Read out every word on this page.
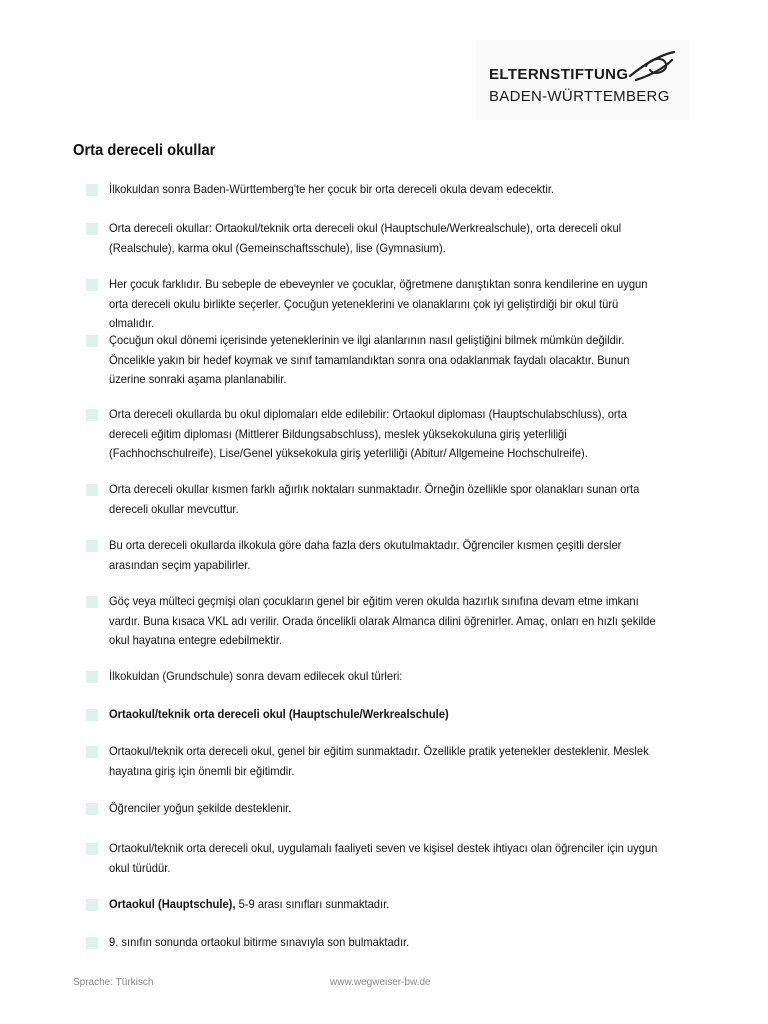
ELTERNSTIFTUNG
BADEN-WÜRTTEMBERG
Orta dereceli okullar
İlkokuldan sonra Baden-Württemberg'te her çocuk bir orta dereceli okula devam edecektir.
Orta dereceli okullar: Ortaokul/teknik orta dereceli okul (Hauptschule/Werkrealschule), orta dereceli okul (Realschule), karma okul (Gemeinschaftsschule), lise (Gymnasium).
Her çocuk farklıdır. Bu sebeple de ebeveynler ve çocuklar, öğretmene danıştıktan sonra kendilerine en uygun orta dereceli okulu birlikte seçerler. Çocuğun yeteneklerini ve olanaklarını çok iyi geliştirdiği bir okul türü olmalıdır.
Çocuğun okul dönemi içerisinde yeteneklerinin ve ilgi alanlarının nasıl geliştiğini bilmek mümkün değildir. Öncelikle yakın bir hedef koymak ve sınıf tamamlandıktan sonra ona odaklanmak faydalı olacaktır. Bunun üzerine sonraki aşama planlanabilir.
Orta dereceli okullarda bu okul diplomaları elde edilebilir: Ortaokul diploması (Hauptschulabschluss), orta dereceli eğitim diploması (Mittlerer Bildungsabschluss), meslek yüksekokuluna giriş yeterliliği (Fachhochschulreife), Lise/Genel yüksekokula giriş yeterliliği (Abitur/ Allgemeine Hochschulreife).
Orta dereceli okullar kısmen farklı ağırlık noktaları sunmaktadır. Örneğin özellikle spor olanakları sunan orta dereceli okullar mevcuttur.
Bu orta dereceli okullarda ilkokula göre daha fazla ders okutulmaktadır. Öğrenciler kısmen çeşitli dersler arasından seçim yapabilirler.
Göç veya mülteci geçmişi olan çocukların genel bir eğitim veren okulda hazırlık sınıfına devam etme imkanı vardır. Buna kısaca VKL adı verilir. Orada öncelikli olarak Almanca dilini öğrenirler. Amaç, onları en hızlı şekilde okul hayatına entegre edebilmektir.
İlkokuldan (Grundschule) sonra devam edilecek okul türleri:
Ortaokul/teknik orta dereceli okul (Hauptschule/Werkrealschule)
Ortaokul/teknik orta dereceli okul, genel bir eğitim sunmaktadır. Özellikle pratik yetenekler desteklenir. Meslek hayatına giriş için önemli bir eğitimdir.
Öğrenciler yoğun şekilde desteklenir.
Ortaokul/teknik orta dereceli okul, uygulamalı faaliyeti seven ve kişisel destek ihtiyacı olan öğrenciler için uygun okul türüdür.
Ortaokul (Hauptschule), 5-9 arası sınıfları sunmaktadır.
9. sınıfın sonunda ortaokul bitirme sınavıyla son bulmaktadır.
Sprache: Türkisch	www.wegweiser-bw.de
